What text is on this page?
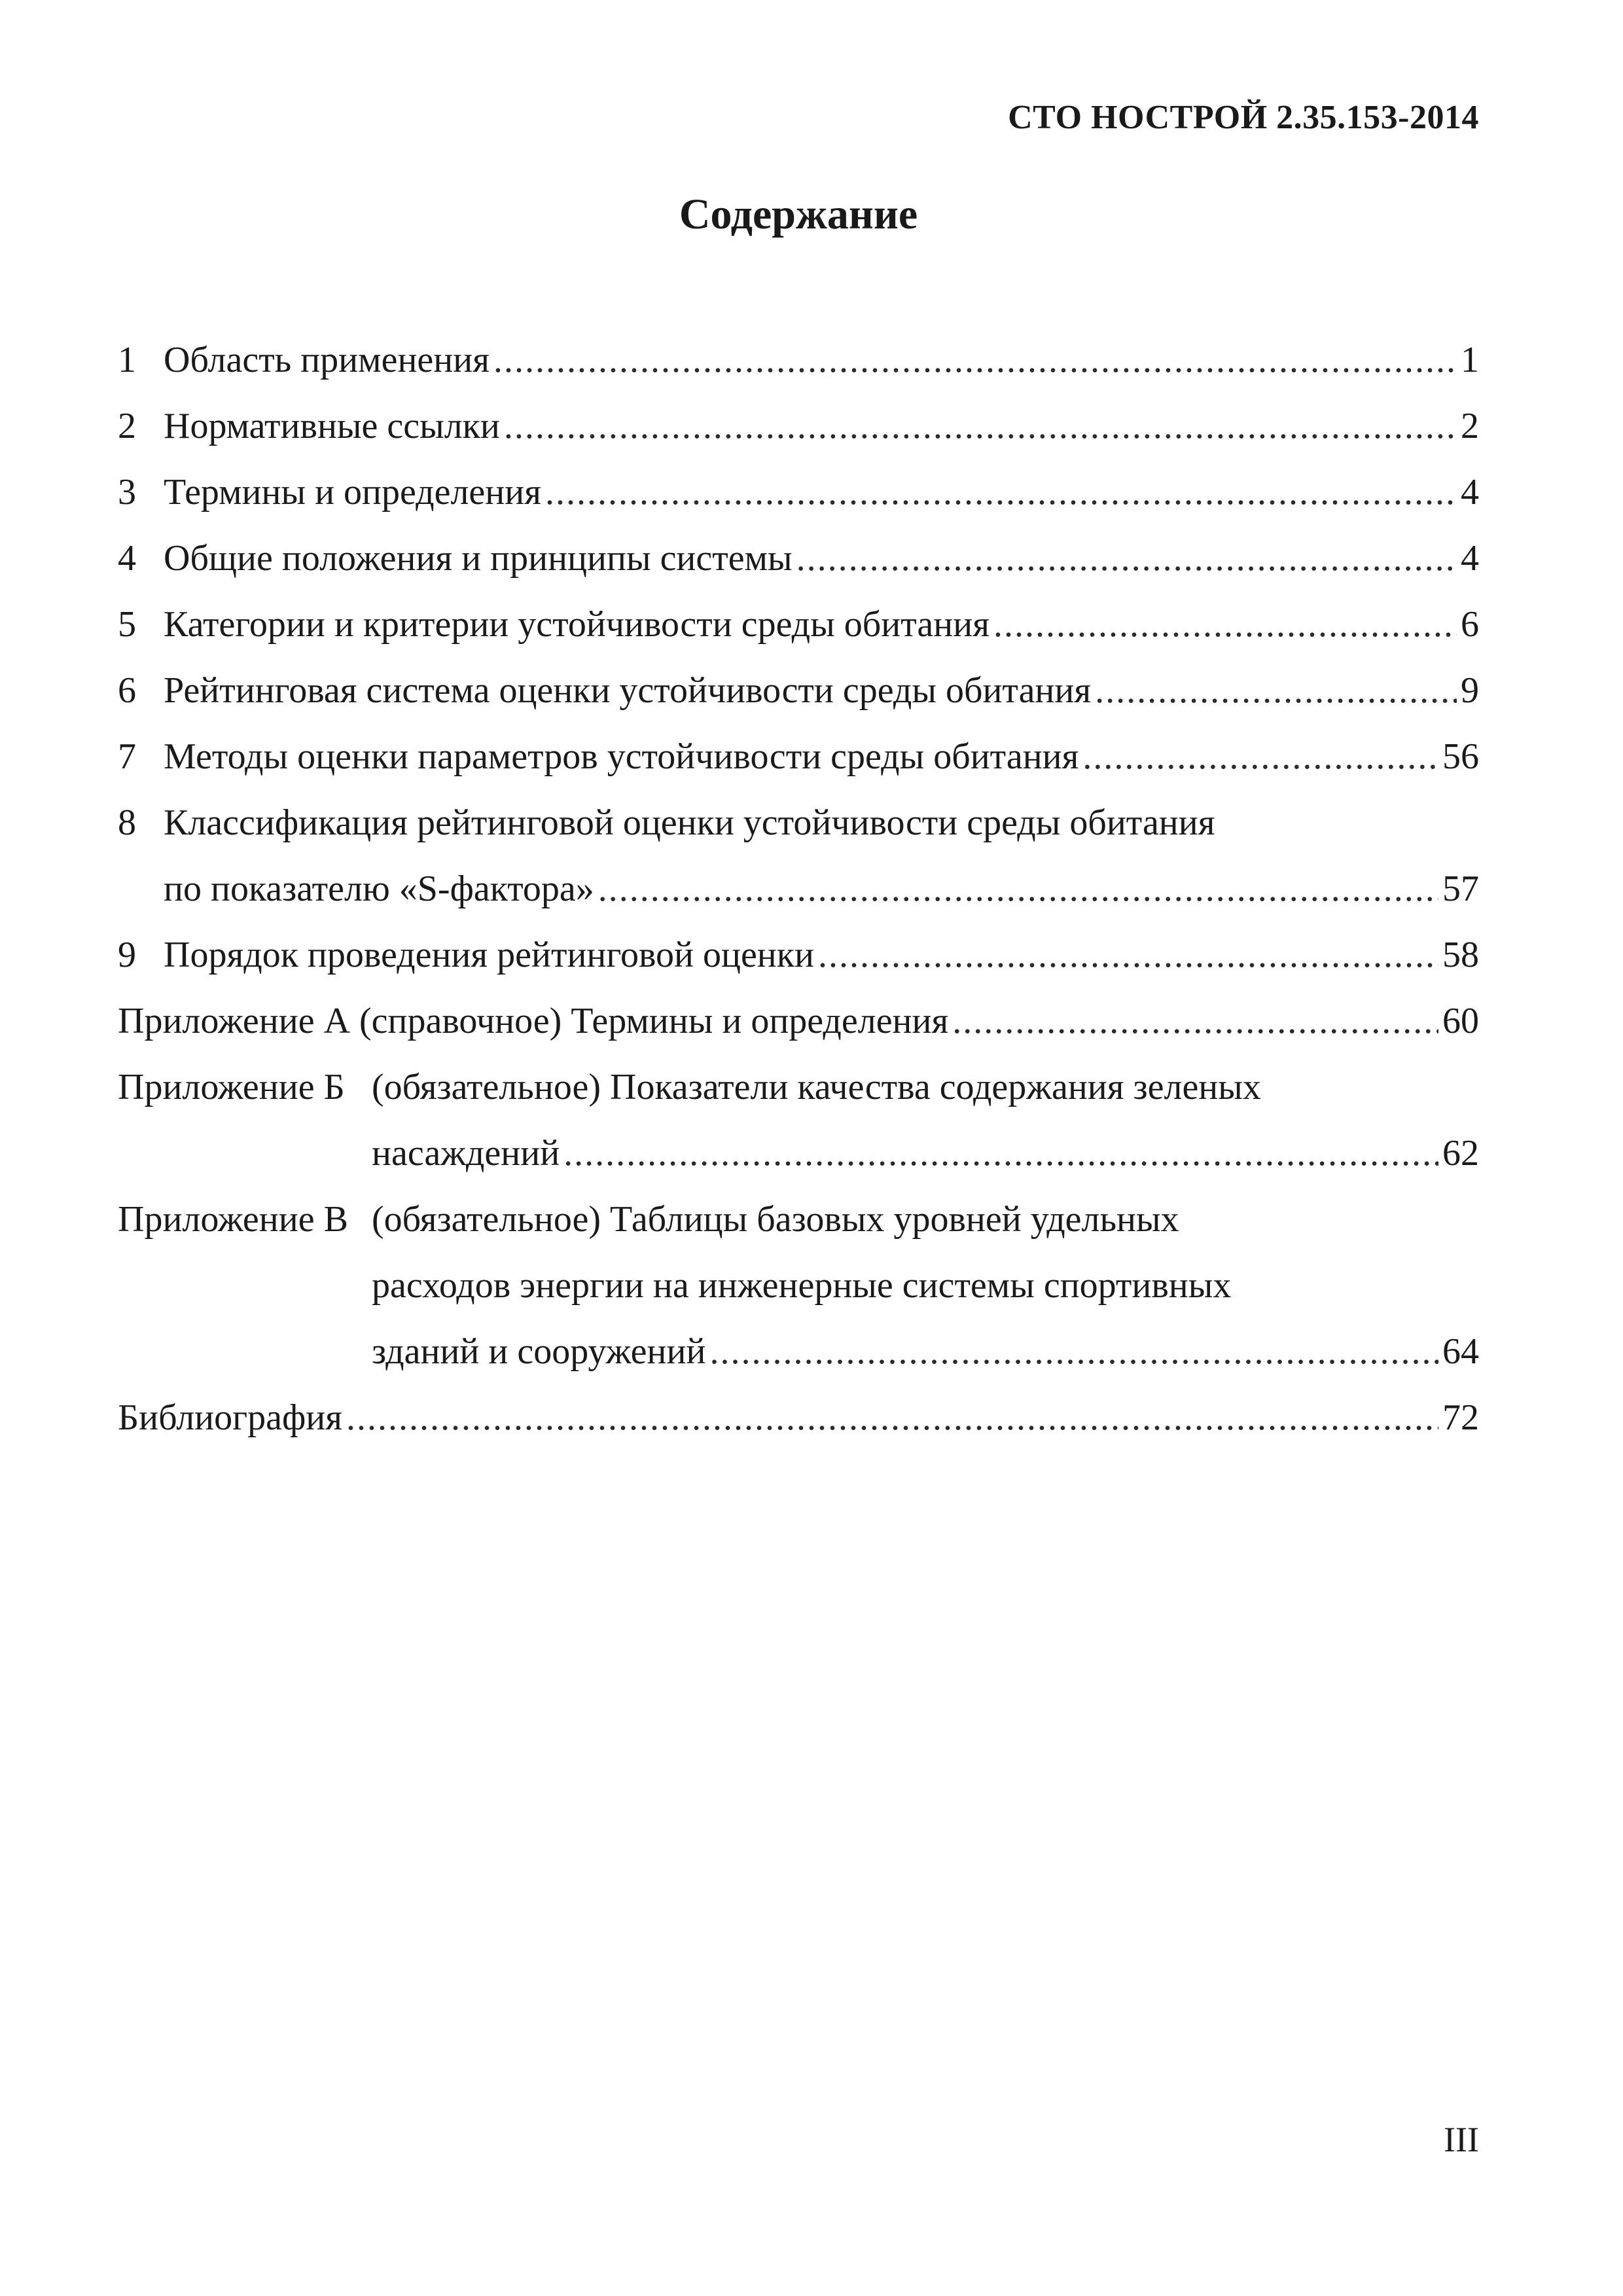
СТО НОСТРОЙ 2.35.153-2014
Содержание
1 Область применения .....	1
2 Нормативные ссылки .....	2
3 Термины и определения .....	4
4 Общие положения и принципы системы .....	4
5 Категории и критерии устойчивости среды обитания .....	6
6 Рейтинговая система оценки устойчивости среды обитания .....	9
7 Методы оценки параметров устойчивости среды обитания .....	56
8 Классификация рейтинговой оценки устойчивости среды обитания
по показателю «S-фактора» .....	57
9 Порядок проведения рейтинговой оценки .....	58
Приложение А (справочное) Термины и определения .....	60
Приложение Б (обязательное) Показатели качества содержания зеленых
насаждений .....	62
Приложение В (обязательное) Таблицы базовых уровней удельных
расходов энергии на инженерные системы спортивных
зданий и сооружений .....	64
Библиография .....	72
III
